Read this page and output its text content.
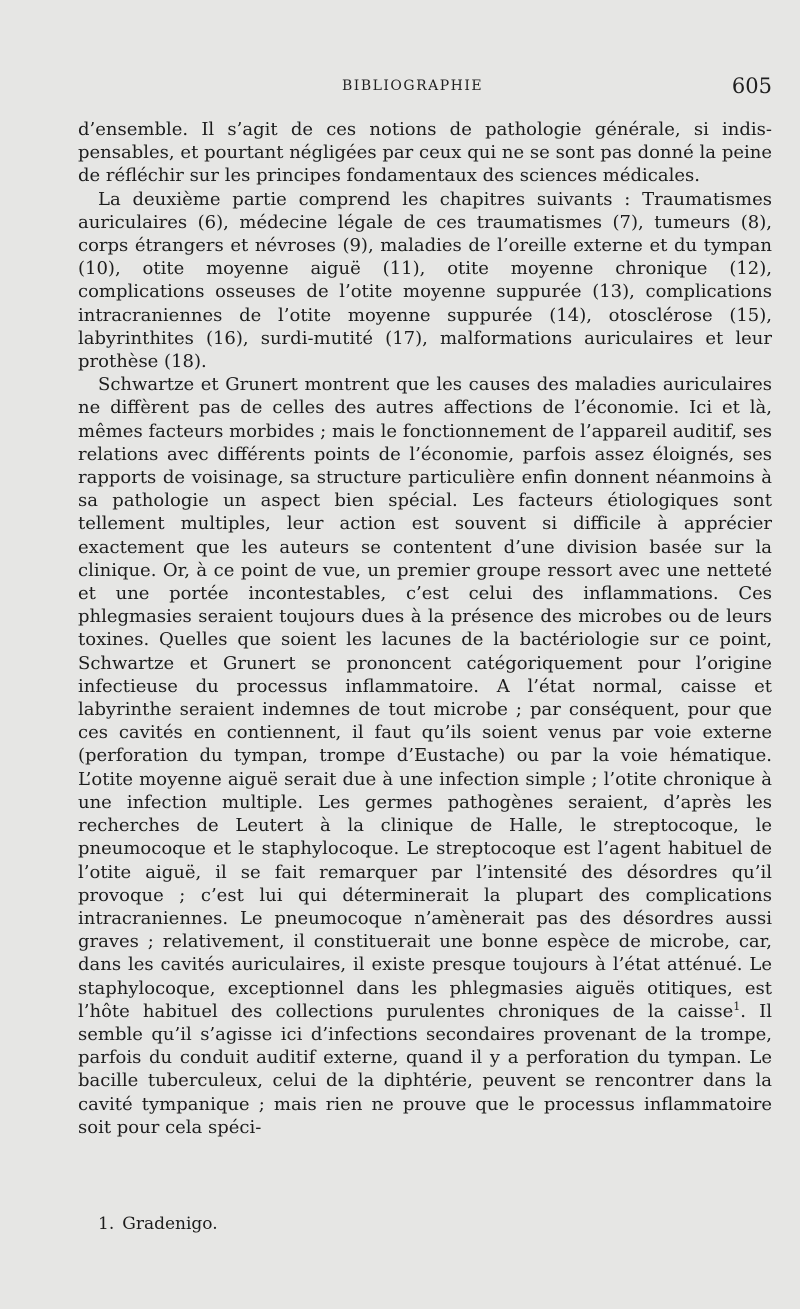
BIBLIOGRAPHIE	605

d’ensemble. Il s’agit de ces notions de pathologie générale, si indispensables, et pourtant négligées par ceux qui ne se sont pas donné la peine de réfléchir sur les principes fondamentaux des sciences médicales.

La deuxième partie comprend les chapitres suivants : Traumatismes auriculaires (6), médecine légale de ces traumatismes (7), tumeurs (8), corps étrangers et névroses (9), maladies de l’oreille externe et du tympan (10), otite moyenne aiguë (11), otite moyenne chronique (12), complications osseuses de l’otite moyenne suppurée (13), complications intracraniennes de l’otite moyenne suppurée (14), otosclérose (15), labyrinthites (16), surdi-mutité (17), malformations auriculaires et leur prothèse (18).

Schwartze et Grunert montrent que les causes des maladies auriculaires ne diffèrent pas de celles des autres affections de l’économie. Ici et là, mêmes facteurs morbides ; mais le fonctionnement de l’appareil auditif, ses relations avec différents points de l’économie, parfois assez éloignés, ses rapports de voisinage, sa structure particulière enfin donnent néanmoins à sa pathologie un aspect bien spécial. Les facteurs étiologiques sont tellement multiples, leur action est souvent si difficile à apprécier exactement que les auteurs se contentent d’une division basée sur la clinique. Or, à ce point de vue, un premier groupe ressort avec une netteté et une portée incontestables, c’est celui des inflammations. Ces phlegmasies seraient toujours dues à la présence des microbes ou de leurs toxines. Quelles que soient les lacunes de la bactériologie sur ce point, Schwartze et Grunert se prononcent catégoriquement pour l’origine infectieuse du processus inflammatoire. A l’état normal, caisse et labyrinthe seraient indemnes de tout microbe ; par conséquent, pour que ces cavités en contiennent, il faut qu’ils soient venus par voie externe (perforation du tympan, trompe d’Eustache) ou par la voie hématique. L’otite moyenne aiguë serait due à une infection simple ; l’otite chronique à une infection multiple. Les germes pathogènes seraient, d’après les recherches de Leutert à la clinique de Halle, le streptocoque, le pneumocoque et le staphylocoque. Le streptocoque est l’agent habituel de l’otite aiguë, il se fait remarquer par l’intensité des désordres qu’il provoque ; c’est lui qui déterminerait la plupart des complications intracraniennes. Le pneumocoque n’amènerait pas des désordres aussi graves ; relativement, il constituerait une bonne espèce de microbe, car, dans les cavités auriculaires, il existe presque toujours à l’état atténué. Le staphylocoque, exceptionnel dans les phlegmasies aiguës otitiques, est l’hôte habituel des collections purulentes chroniques de la caisse$^1$. Il semble qu’il s’agisse ici d’infections secondaires provenant de la trompe, parfois du conduit auditif externe, quand il y a perforation du tympan. Le bacille tuberculeux, celui de la diphtérie, peuvent se rencontrer dans la cavité tympanique ; mais rien ne prouve que le processus inflammatoire soit pour cela spéci-

1. Gradenigo.
